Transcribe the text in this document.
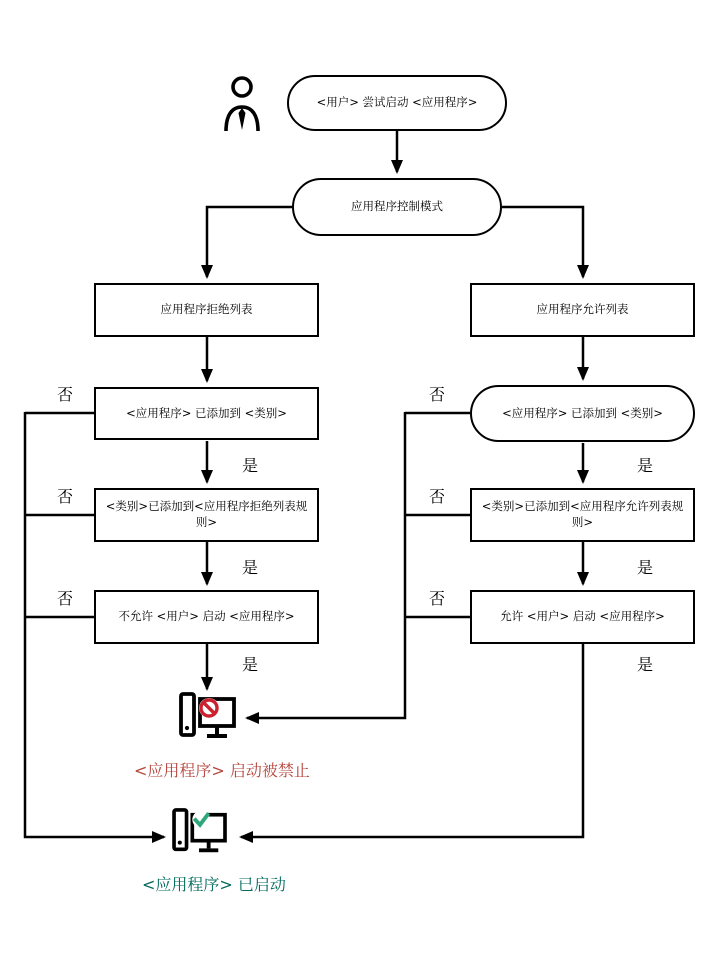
<用户> 尝试启动 <应用程序>
应用程序控制模式
应用程序拒绝列表	应用程序允许列表
<应用程序> 已添加到 <类别>	<应用程序> 已添加到 <类别>
<类别>已添加到<应用程序拒绝列表规则>
<类别>已添加到<应用程序允许列表规则>
不允许 <用户> 启动 <应用程序>	允许 <用户> 启动 <应用程序>
否
否
否
否
否
否
是
是
是
是
是
是
<应用程序> 启动被禁止
<应用程序> 已启动
